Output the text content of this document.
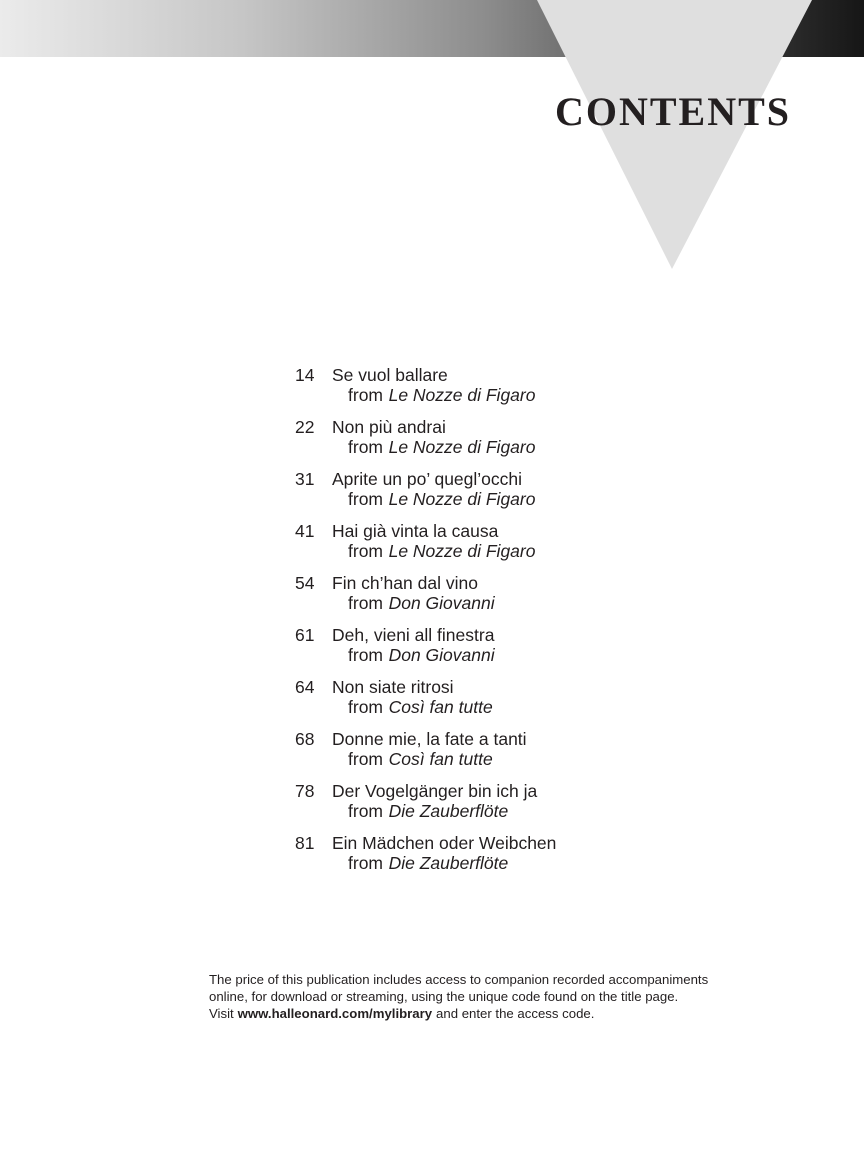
CONTENTS
14	Se vuol ballare
from Le Nozze di Figaro
22	Non più andrai
from Le Nozze di Figaro
31	Aprite un po’ quegl’occhi
from Le Nozze di Figaro
41	Hai già vinta la causa
from Le Nozze di Figaro
54	Fin ch’han dal vino
from Don Giovanni
61	Deh, vieni all finestra
from Don Giovanni
64	Non siate ritrosi
from Così fan tutte
68	Donne mie, la fate a tanti
from Così fan tutte
78	Der Vogelgänger bin ich ja
from Die Zauberflöte
81	Ein Mädchen oder Weibchen
from Die Zauberflöte
The price of this publication includes access to companion recorded accompaniments
online, for download or streaming, using the unique code found on the title page.
Visit www.halleonard.com/mylibrary and enter the access code.
